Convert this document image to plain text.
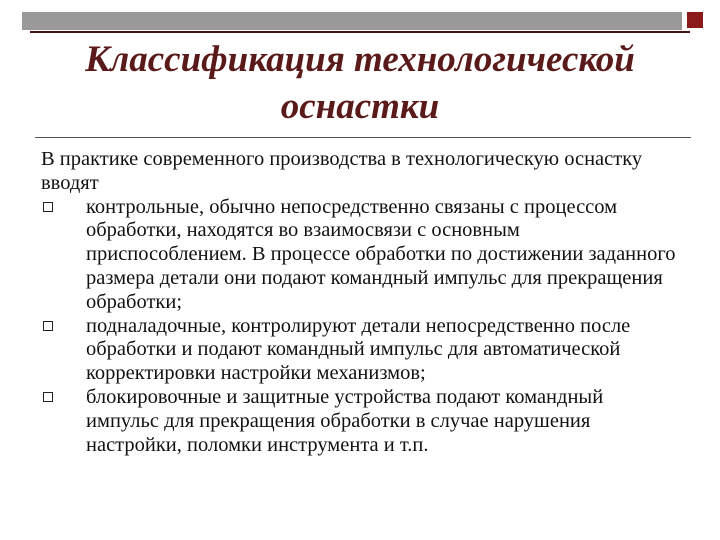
Классификация технологической
оснастки

В практике современного производства в технологическую оснастку вводят

контрольные, обычно непосредственно связаны с процессом обработки, находятся во взаимосвязи с основным приспособлением. В процессе обработки по достижении заданного размера детали они подают командный импульс для прекращения обработки;
подналадочные, контролируют детали непосредственно после обработки и подают командный импульс для автоматической корректировки настройки механизмов;
блокировочные и защитные устройства подают командный импульс для прекращения обработки в случае нарушения настройки, поломки инструмента и т.п.
